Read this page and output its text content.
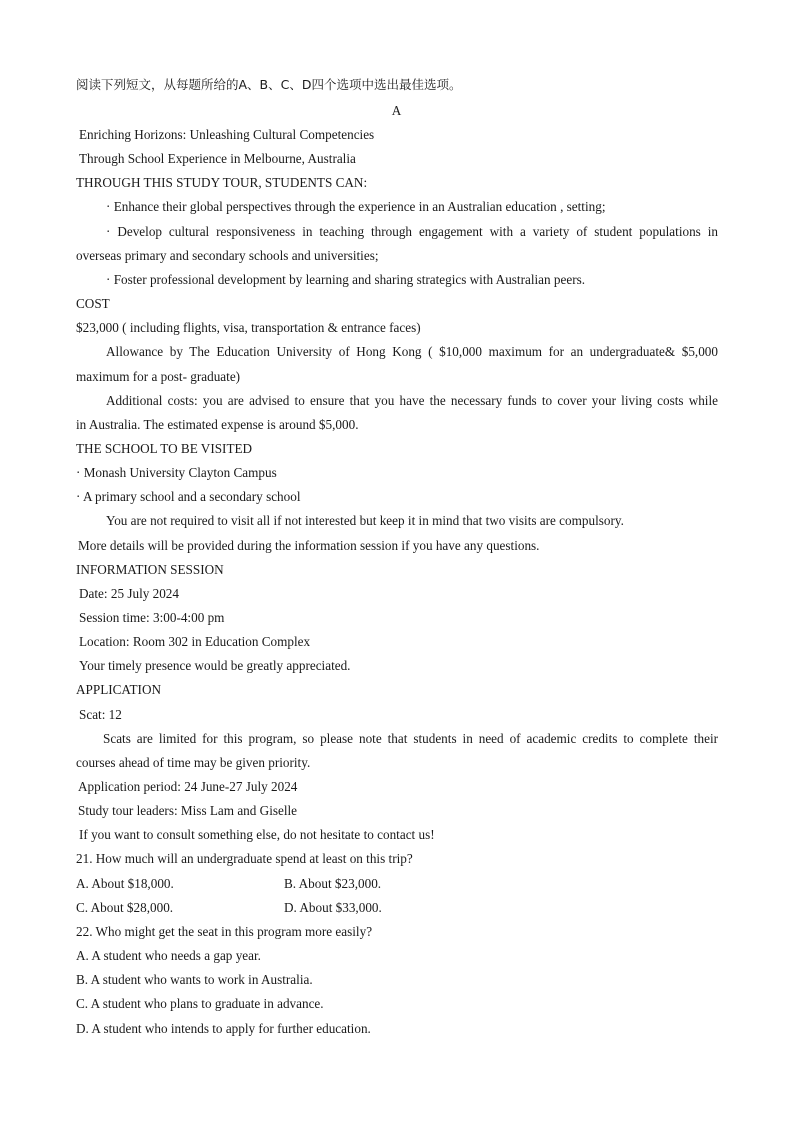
阅读下列短文，从每题所给的A、B、C、D四个选项中选出最佳选项。
A
Enriching Horizons: Unleashing Cultural Competencies
Through School Experience in Melbourne, Australia
THROUGH THIS STUDY TOUR, STUDENTS CAN:
· Enhance their global perspectives through the experience in an Australian education , setting;
· Develop cultural responsiveness in teaching through engagement with a variety of student populations in
overseas primary and secondary schools and universities;
· Foster professional development by learning and sharing strategics with Australian peers.
COST
$23,000 ( including flights, visa, transportation & entrance faces)
Allowance by The Education University of Hong Kong ( $10,000 maximum for an undergraduate& $5,000
maximum for a post- graduate)
Additional costs: you are advised to ensure that you have the necessary funds to cover your living costs while
in Australia. The estimated expense is around $5,000.
THE SCHOOL TO BE VISITED
· Monash University Clayton Campus
· A primary school and a secondary school
You are not required to visit all if not interested but keep it in mind that two visits are compulsory.
More details will be provided during the information session if you have any questions.
INFORMATION SESSION
Date: 25 July 2024
Session time: 3:00-4:00 pm
Location: Room 302 in Education Complex
Your timely presence would be greatly appreciated.
APPLICATION
Scat: 12
Scats are limited for this program, so please note that students in need of academic credits to complete their
courses ahead of time may be given priority.
Application period: 24 June-27 July 2024
Study tour leaders: Miss Lam and Giselle
If you want to consult something else, do not hesitate to contact us!
21. How much will an undergraduate spend at least on this trip?
A. About $18,000.	B. About $23,000.
C. About $28,000.	D. About $33,000.
22. Who might get the seat in this program more easily?
A. A student who needs a gap year.
B. A student who wants to work in Australia.
C. A student who plans to graduate in advance.
D. A student who intends to apply for further education.
